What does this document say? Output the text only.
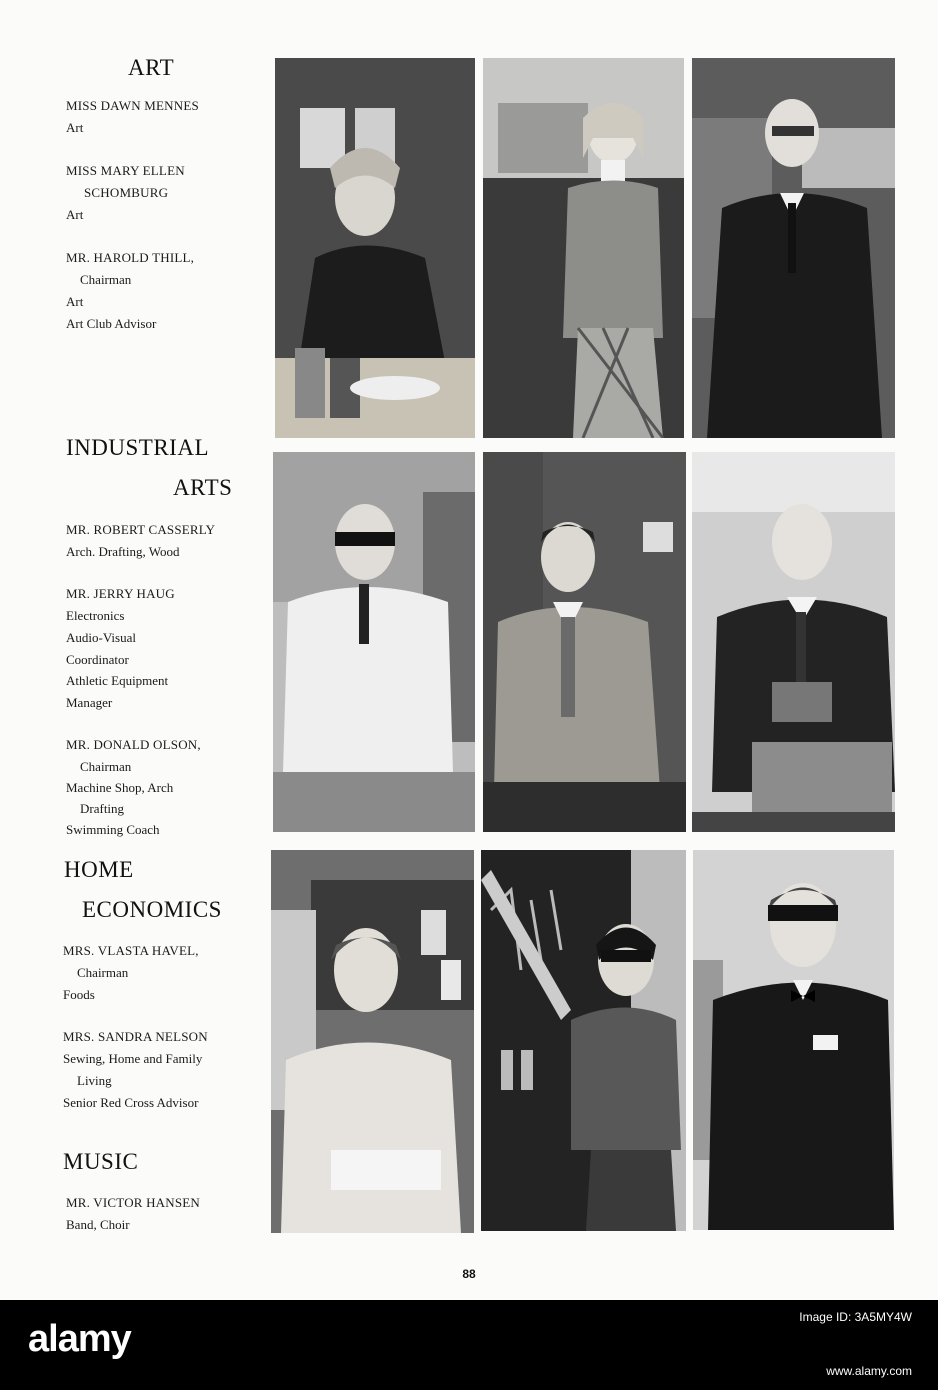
ART
MISS DAWN MENNES
Art
MISS MARY ELLEN
SCHOMBURG
Art
MR. HAROLD THILL,
Chairman
Art
Art Club Advisor
INDUSTRIAL
ARTS
MR. ROBERT CASSERLY
Arch. Drafting, Wood
MR. JERRY HAUG
Electronics
Audio-Visual
Coordinator
Athletic Equipment
Manager
MR. DONALD OLSON,
Chairman
Machine Shop, Arch
Drafting
Swimming Coach
HOME
ECONOMICS
MRS. VLASTA HAVEL,
Chairman
Foods
MRS. SANDRA NELSON
Sewing, Home and Family
Living
Senior Red Cross Advisor
MUSIC
MR. VICTOR HANSEN
Band, Choir
88
alamy
Image ID: 3A5MY4W
www.alamy.com
